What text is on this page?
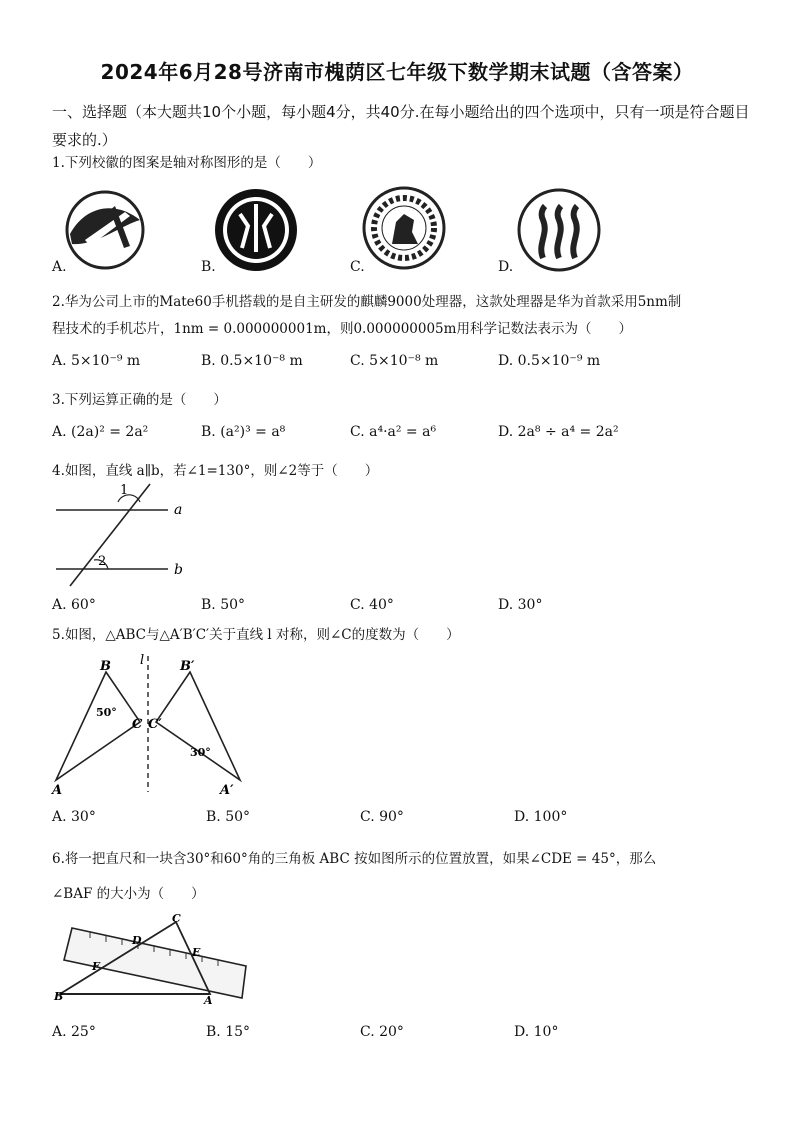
2024年6月28号济南市槐荫区七年级下数学期末试题（含答案）
一、选择题（本大题共10个小题，每小题4分，共40分.在每小题给出的四个选项中，只有一项是符合题目要求的.）
1.下列校徽的图案是轴对称图形的是（　　）
A.	B.	C.	D.
2.华为公司上市的Mate60手机搭载的是自主研发的麒麟9000处理器，这款处理器是华为首款采用5nm制
程技术的手机芯片，1nm = 0.000000001m，则0.000000005m用科学记数法表示为（　　）
A. 5×10⁻⁹ m	B. 0.5×10⁻⁸ m	C. 5×10⁻⁸ m	D. 0.5×10⁻⁹ m
3.下列运算正确的是（　　）
A. (2a)² = 2a²	B. (a²)³ = a⁸	C. a⁴·a² = a⁶	D. 2a⁸ ÷ a⁴ = 2a²
4.如图，直线 a∥b，若∠1=130°，则∠2等于（　　）
1
2
a
b
A. 60°	B. 50°	C. 40°	D. 30°
5.如图，△ABC与△A′B′C′关于直线 l 对称，则∠C的度数为（　　）
B l	B′
50°
C C′
30°
A	A′
A. 30°	B. 50°	C. 90°	D. 100°
6.将一把直尺和一块含30°和60°角的三角板 ABC 按如图所示的位置放置，如果∠CDE = 45°，那么
∠BAF 的大小为（　　）
C
D
E
F
B	A
A. 25°	B. 15°	C. 20°	D. 10°
